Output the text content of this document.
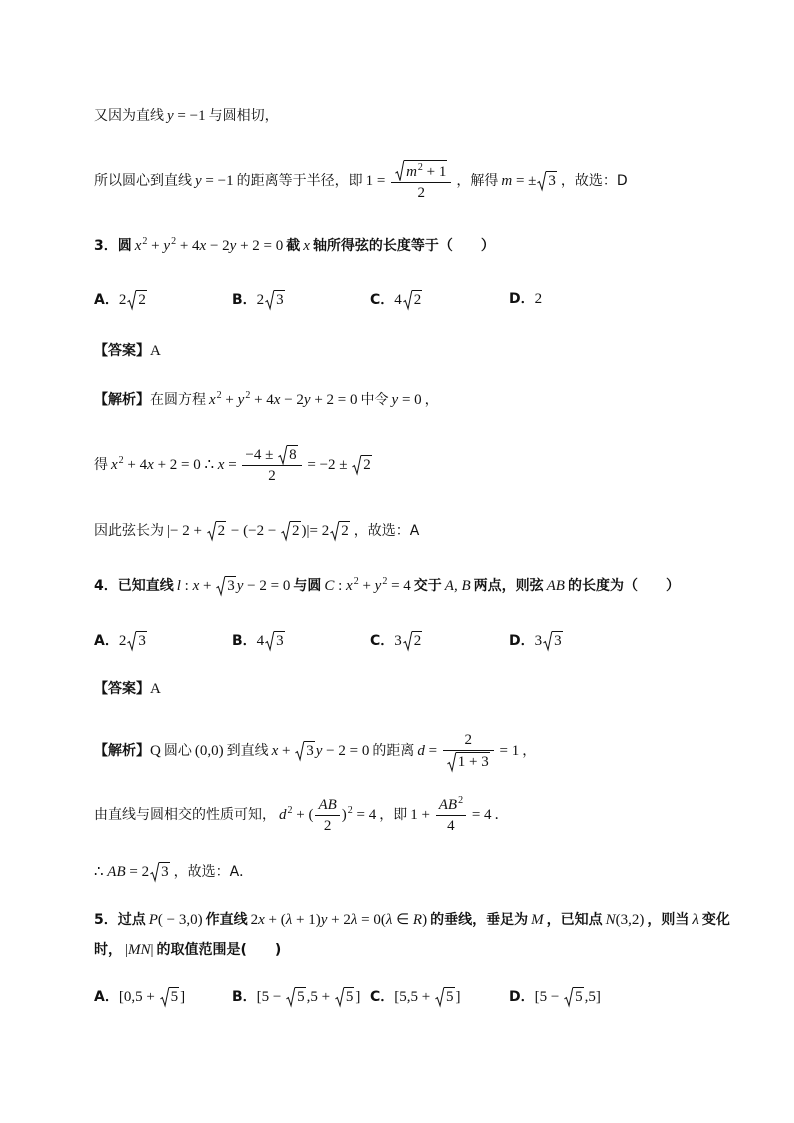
又因为直线 y = −1 与圆相切，
所以圆心到直线 y = −1 的距离等于半径，即 $1 = \frac{m^2 + 1}{2}$ ，解得 m = ± 3 ，故选：D
3．圆 $x^2 + y^2 + 4x - 2y + 2 = 0$ 截 x 轴所得弦的长度等于（　　）
A．2 2	B．2 3	C．4 2	D．2
【答案】A
【解析】在圆方程 $x^2 + y^2 + 4x - 2y + 2 = 0$ 中令 y = 0 ，
得 $x^2 + 4x + 2 = 0$ ∴ x = −4 ±
8
2 = −2 ±
2
因此弦长为 |− 2 +
2 − (−2 −
2 )|= 2 2 ，故选：A
4．已知直线 l : x +
3 y − 2 = 0 与圆 C : $x^2 + y^2 = 4$ 交于 A, B 两点，则弦 AB 的长度为（　　）
A．2 3	B．4 3	C．3 2	D．3 3
【答案】A
【解析】Q 圆心 (0,0) 到直线 x +
3 y − 2 = 0 的距离 $d = \frac{2}{1 + 3} = 1$ ，
由直线与圆相交的性质可知， $d^2$ + ( $\frac{AB}{2} )^2 = 4$ ，即 $1 + \frac{AB^2}{4} = 4$ ．
∴ AB = 2 3 ，故选：A．
5．过点 P( − 3,0) 作直线 2x + (λ + 1)y + 2λ = 0(λ ∈ R) 的垂线，垂足为 M ，已知点 N(3,2) ，则当 λ 变化
时， |MN| 的取值范围是(　　)
A．[0,5 +
5 ]	B．[5 −
5 ,5 +
5 ] C．[5,5 +
5 ]	D．[5 −
5 ,5]
